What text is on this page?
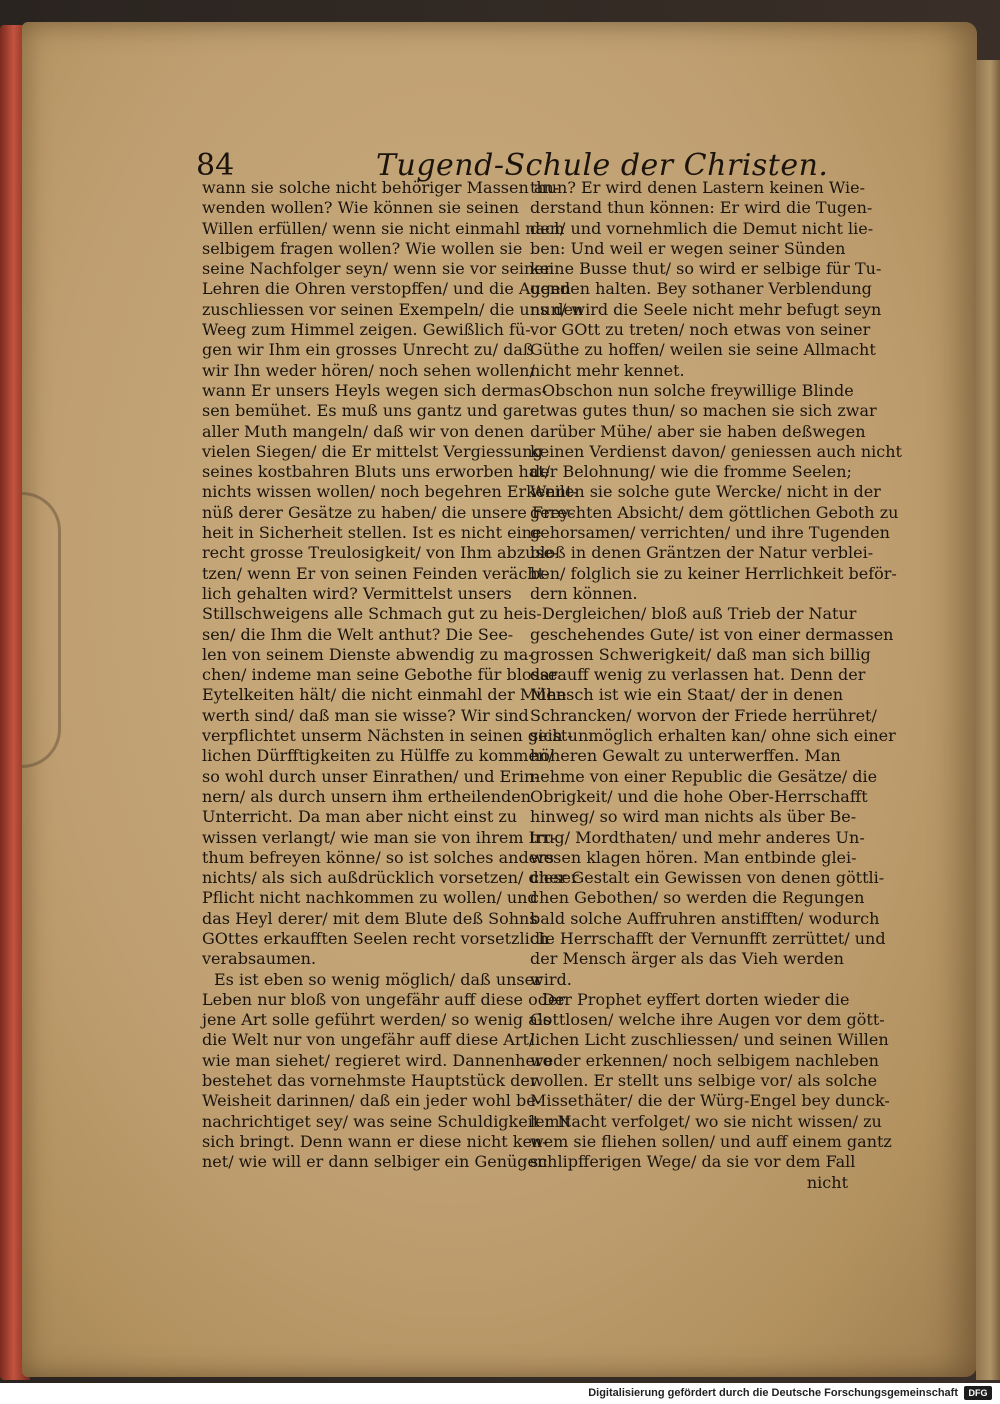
84	Tugend-Schule der Christen.
wann sie solche nicht behöriger Massen an-
wenden wollen? Wie können sie seinen
Willen erfüllen/ wenn sie nicht einmahl nach
selbigem fragen wollen? Wie wollen sie
seine Nachfolger seyn/ wenn sie vor seinen
Lehren die Ohren verstopffen/ und die Augen
zuschliessen vor seinen Exempeln/ die uns den
Weeg zum Himmel zeigen. Gewißlich fü-
gen wir Ihm ein grosses Unrecht zu/ daß
wir Ihn weder hören/ noch sehen wollen/
wann Er unsers Heyls wegen sich dermas-
sen bemühet. Es muß uns gantz und gar
aller Muth mangeln/ daß wir von denen
vielen Siegen/ die Er mittelst Vergiessung
seines kostbahren Bluts uns erworben hat/
nichts wissen wollen/ noch begehren Erkennt-
nüß derer Gesätze zu haben/ die unsere Frey-
heit in Sicherheit stellen. Ist es nicht eine
recht grosse Treulosigkeit/ von Ihm abzuse-
tzen/ wenn Er von seinen Feinden verächt-
lich gehalten wird? Vermittelst unsers
Stillschweigens alle Schmach gut zu heis-
sen/ die Ihm die Welt anthut? Die See-
len von seinem Dienste abwendig zu ma-
chen/ indeme man seine Gebothe für blosse
Eytelkeiten hält/ die nicht einmahl der Mühe
werth sind/ daß man sie wisse? Wir sind
verpflichtet unserm Nächsten in seinen geist-
lichen Dürfftigkeiten zu Hülffe zu kommen/
so wohl durch unser Einrathen/ und Erin-
nern/ als durch unsern ihm ertheilenden
Unterricht. Da man aber nicht einst zu
wissen verlangt/ wie man sie von ihrem Irr-
thum befreyen könne/ so ist solches anders
nichts/ als sich außdrücklich vorsetzen/ dieser
Pflicht nicht nachkommen zu wollen/ und
das Heyl derer/ mit dem Blute deß Sohns
GOttes erkaufften Seelen recht vorsetzlich
verabsaumen.
Es ist eben so wenig möglich/ daß unser
Leben nur bloß von ungefähr auff diese oder
jene Art solle geführt werden/ so wenig als
die Welt nur von ungefähr auff diese Art/
wie man siehet/ regieret wird. Dannenhero
bestehet das vornehmste Hauptstück der
Weisheit darinnen/ daß ein jeder wohl be-
nachrichtiget sey/ was seine Schuldigkeit mit
sich bringt. Denn wann er diese nicht ken-
net/ wie will er dann selbiger ein Genügen
thun? Er wird denen Lastern keinen Wie-
derstand thun können: Er wird die Tugen-
den/ und vornehmlich die Demut nicht lie-
ben: Und weil er wegen seiner Sünden
keine Busse thut/ so wird er selbige für Tu-
genden halten. Bey sothaner Verblendung
nun/ wird die Seele nicht mehr befugt seyn
vor GOtt zu treten/ noch etwas von seiner
Güthe zu hoffen/ weilen sie seine Allmacht
nicht mehr kennet.
Obschon nun solche freywillige Blinde
etwas gutes thun/ so machen sie sich zwar
darüber Mühe/ aber sie haben deßwegen
keinen Verdienst davon/ geniessen auch nicht
der Belohnung/ wie die fromme Seelen;
Weilen sie solche gute Wercke/ nicht in der
gerechten Absicht/ dem göttlichen Geboth zu
gehorsamen/ verrichten/ und ihre Tugenden
bloß in denen Gräntzen der Natur verblei-
ben/ folglich sie zu keiner Herrlichkeit beför-
dern können.
Dergleichen/ bloß auß Trieb der Natur
geschehendes Gute/ ist von einer dermassen
grossen Schwerigkeit/ daß man sich billig
darauff wenig zu verlassen hat. Denn der
Mensch ist wie ein Staat/ der in denen
Schrancken/ worvon der Friede herrühret/
sich unmöglich erhalten kan/ ohne sich einer
höheren Gewalt zu unterwerffen. Man
nehme von einer Republic die Gesätze/ die
Obrigkeit/ und die hohe Ober-Herrschafft
hinweg/ so wird man nichts als über Be-
trug/ Mordthaten/ und mehr anderes Un-
wesen klagen hören. Man entbinde glei-
cher Gestalt ein Gewissen von denen göttli-
chen Gebothen/ so werden die Regungen
bald solche Auffruhren anstifften/ wodurch
die Herrschafft der Vernunfft zerrüttet/ und
der Mensch ärger als das Vieh werden
wird.
Der Prophet eyffert dorten wieder die
Gottlosen/ welche ihre Augen vor dem gött-
lichen Licht zuschliessen/ und seinen Willen
weder erkennen/ noch selbigem nachleben
wollen. Er stellt uns selbige vor/ als solche
Missethäter/ die der Würg-Engel bey dunck-
ler Nacht verfolget/ wo sie nicht wissen/ zu
wem sie fliehen sollen/ und auff einem gantz
schlipfferigen Wege/ da sie vor dem Fall
nicht
Digitalisierung gefördert durch die Deutsche Forschungsgemeinschaft	DFG
